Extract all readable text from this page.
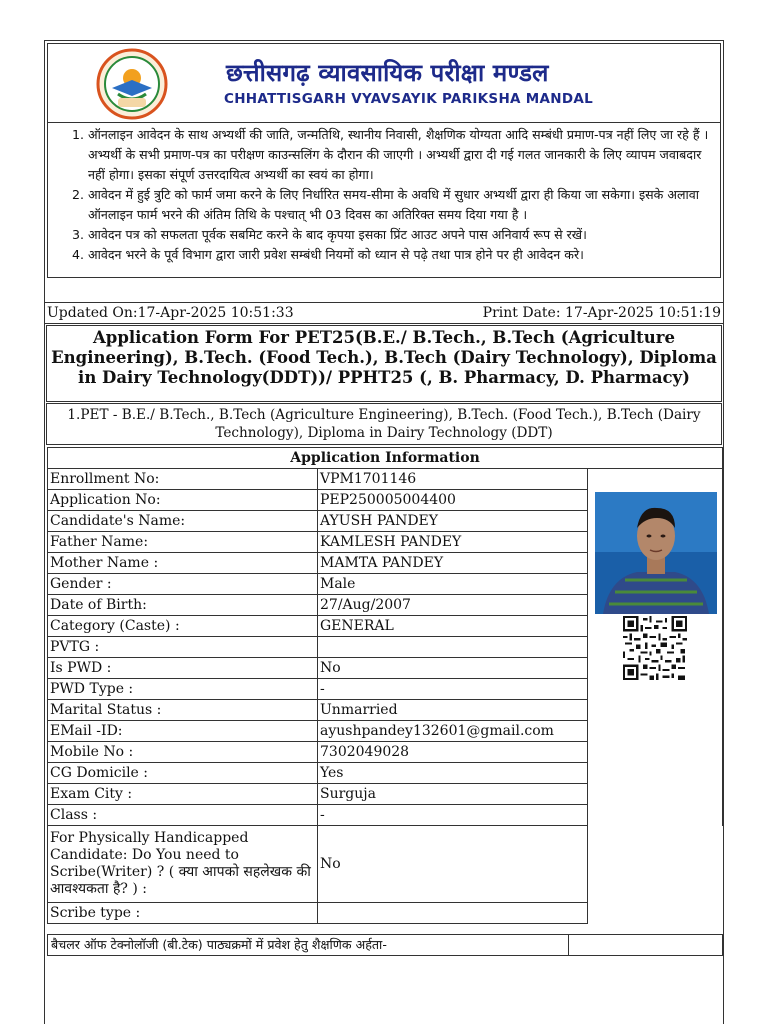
छत्तीसगढ़ व्यावसायिक परीक्षा मण्डल
CHHATTISGARH VYAVSAYIK PARIKSHA MANDAL
1. ऑनलाइन आवेदन के साथ अभ्यर्थी की जाति, जन्मतिथि, स्थानीय निवासी, शैक्षणिक योग्यता आदि सम्बंधी प्रमाण-पत्र नहीं लिए जा रहे हैं । अभ्यर्थी के सभी प्रमाण-पत्र का परीक्षण काउन्सलिंग के दौरान की जाएगी । अभ्यर्थी द्वारा दी गई गलत जानकारी के लिए व्यापम जवाबदार नहीं होगा। इसका संपूर्ण उत्तरदायित्व अभ्यर्थी का स्वयं का होगा।
2. आवेदन में हुई त्रुटि को फार्म जमा करने के लिए निर्धारित समय-सीमा के अवधि में सुधार अभ्यर्थी द्वारा ही किया जा सकेगा। इसके अलावा ऑनलाइन फार्म भरने की अंतिम तिथि के पश्चात् भी 03 दिवस का अतिरिक्त समय दिया गया है ।
3. आवेदन पत्र को सफलता पूर्वक सबमिट करने के बाद कृपया इसका प्रिंट आउट अपने पास अनिवार्य रूप से रखें।
4. आवेदन भरने के पूर्व विभाग द्वारा जारी प्रवेश सम्बंधी नियमों को ध्यान से पढ़े तथा पात्र होने पर ही आवेदन करे।
Updated On:17-Apr-2025 10:51:33	Print Date: 17-Apr-2025 10:51:19
Application Form For PET25(B.E./ B.Tech., B.Tech (Agriculture Engineering), B.Tech. (Food Tech.), B.Tech (Dairy Technology), Diploma in Dairy Technology(DDT))/ PPHT25 (, B. Pharmacy, D. Pharmacy)
1.PET - B.E./ B.Tech., B.Tech (Agriculture Engineering), B.Tech. (Food Tech.), B.Tech (Dairy Technology), Diploma in Dairy Technology (DDT)
Application Information		
Enrollment No:	VPM1701146	
Application No:	PEP250005004400	
Candidate's Name:	AYUSH PANDEY	
Father Name:	KAMLESH PANDEY	
Mother Name :	MAMTA PANDEY	
Gender :	Male	
Date of Birth:	27/Aug/2007	
Category (Caste) :	GENERAL	
PVTG :		
Is PWD :	No	
PWD Type :	-	
Marital Status :	Unmarried	
EMail -ID:	ayushpandey132601@gmail.com	
Mobile No :	7302049028	
CG Domicile :	Yes	
Exam City :	Surguja	
Class :	-	
For Physically Handicapped Candidate: Do You need to Scribe(Writer) ? ( क्या आपको सहलेखक की आवश्यकता है? ) :	No	
Scribe type :		
बैचलर ऑफ टेक्नोलॉजी (बी.टेक) पाठ्यक्रमों में प्रवेश हेतु शैक्षणिक अर्हता-
